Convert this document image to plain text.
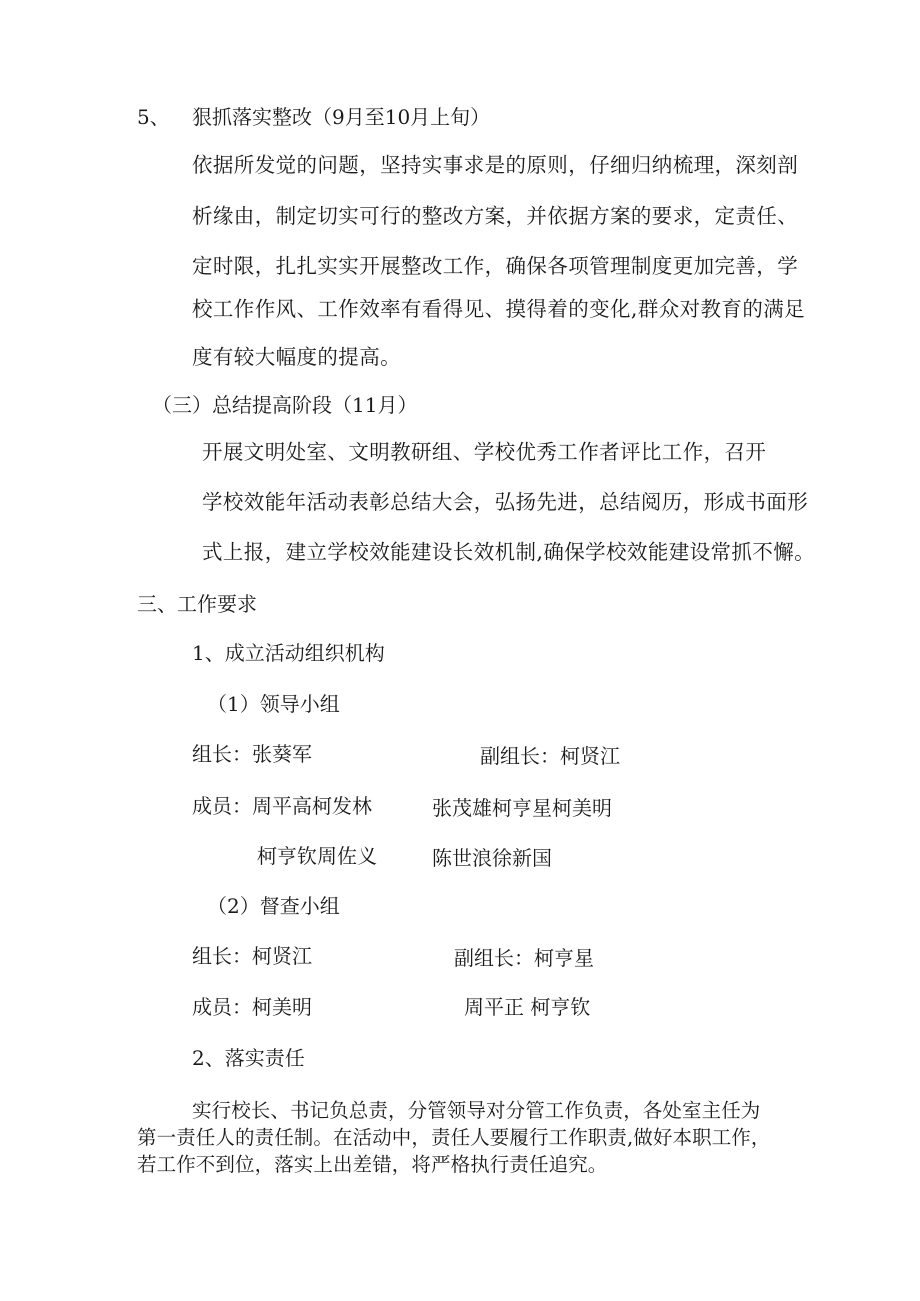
5、 狠抓落实整改（9月至10月上旬）
依据所发觉的问题，坚持实事求是的原则，仔细归纳梳理，深刻剖
析缘由，制定切实可行的整改方案，并依据方案的要求，定责任、
定时限，扎扎实实开展整改工作，确保各项管理制度更加完善，学
校工作作风、工作效率有看得见、摸得着的变化,群众对教育的满足
度有较大幅度的提高。
（三）总结提高阶段（11月）
开展文明处室、文明教研组、学校优秀工作者评比工作，召开
学校效能年活动表彰总结大会，弘扬先进，总结阅历，形成书面形
式上报，建立学校效能建设长效机制,确保学校效能建设常抓不懈。
三、工作要求
1、成立活动组织机构
（1）领导小组
组长：张葵军	副组长：柯贤江
成员：周平高柯发林	张茂雄柯亨星柯美明
柯亨钦周佐义	陈世浪徐新国
（2）督查小组
组长：柯贤江	副组长：柯亨星
成员：柯美明	周平正 柯亨钦
2、落实责任
实行校长、书记负总责，分管领导对分管工作负责，各处室主任为
第一责任人的责任制。在活动中，责任人要履行工作职责,做好本职工作，
若工作不到位，落实上出差错，将严格执行责任追究。
